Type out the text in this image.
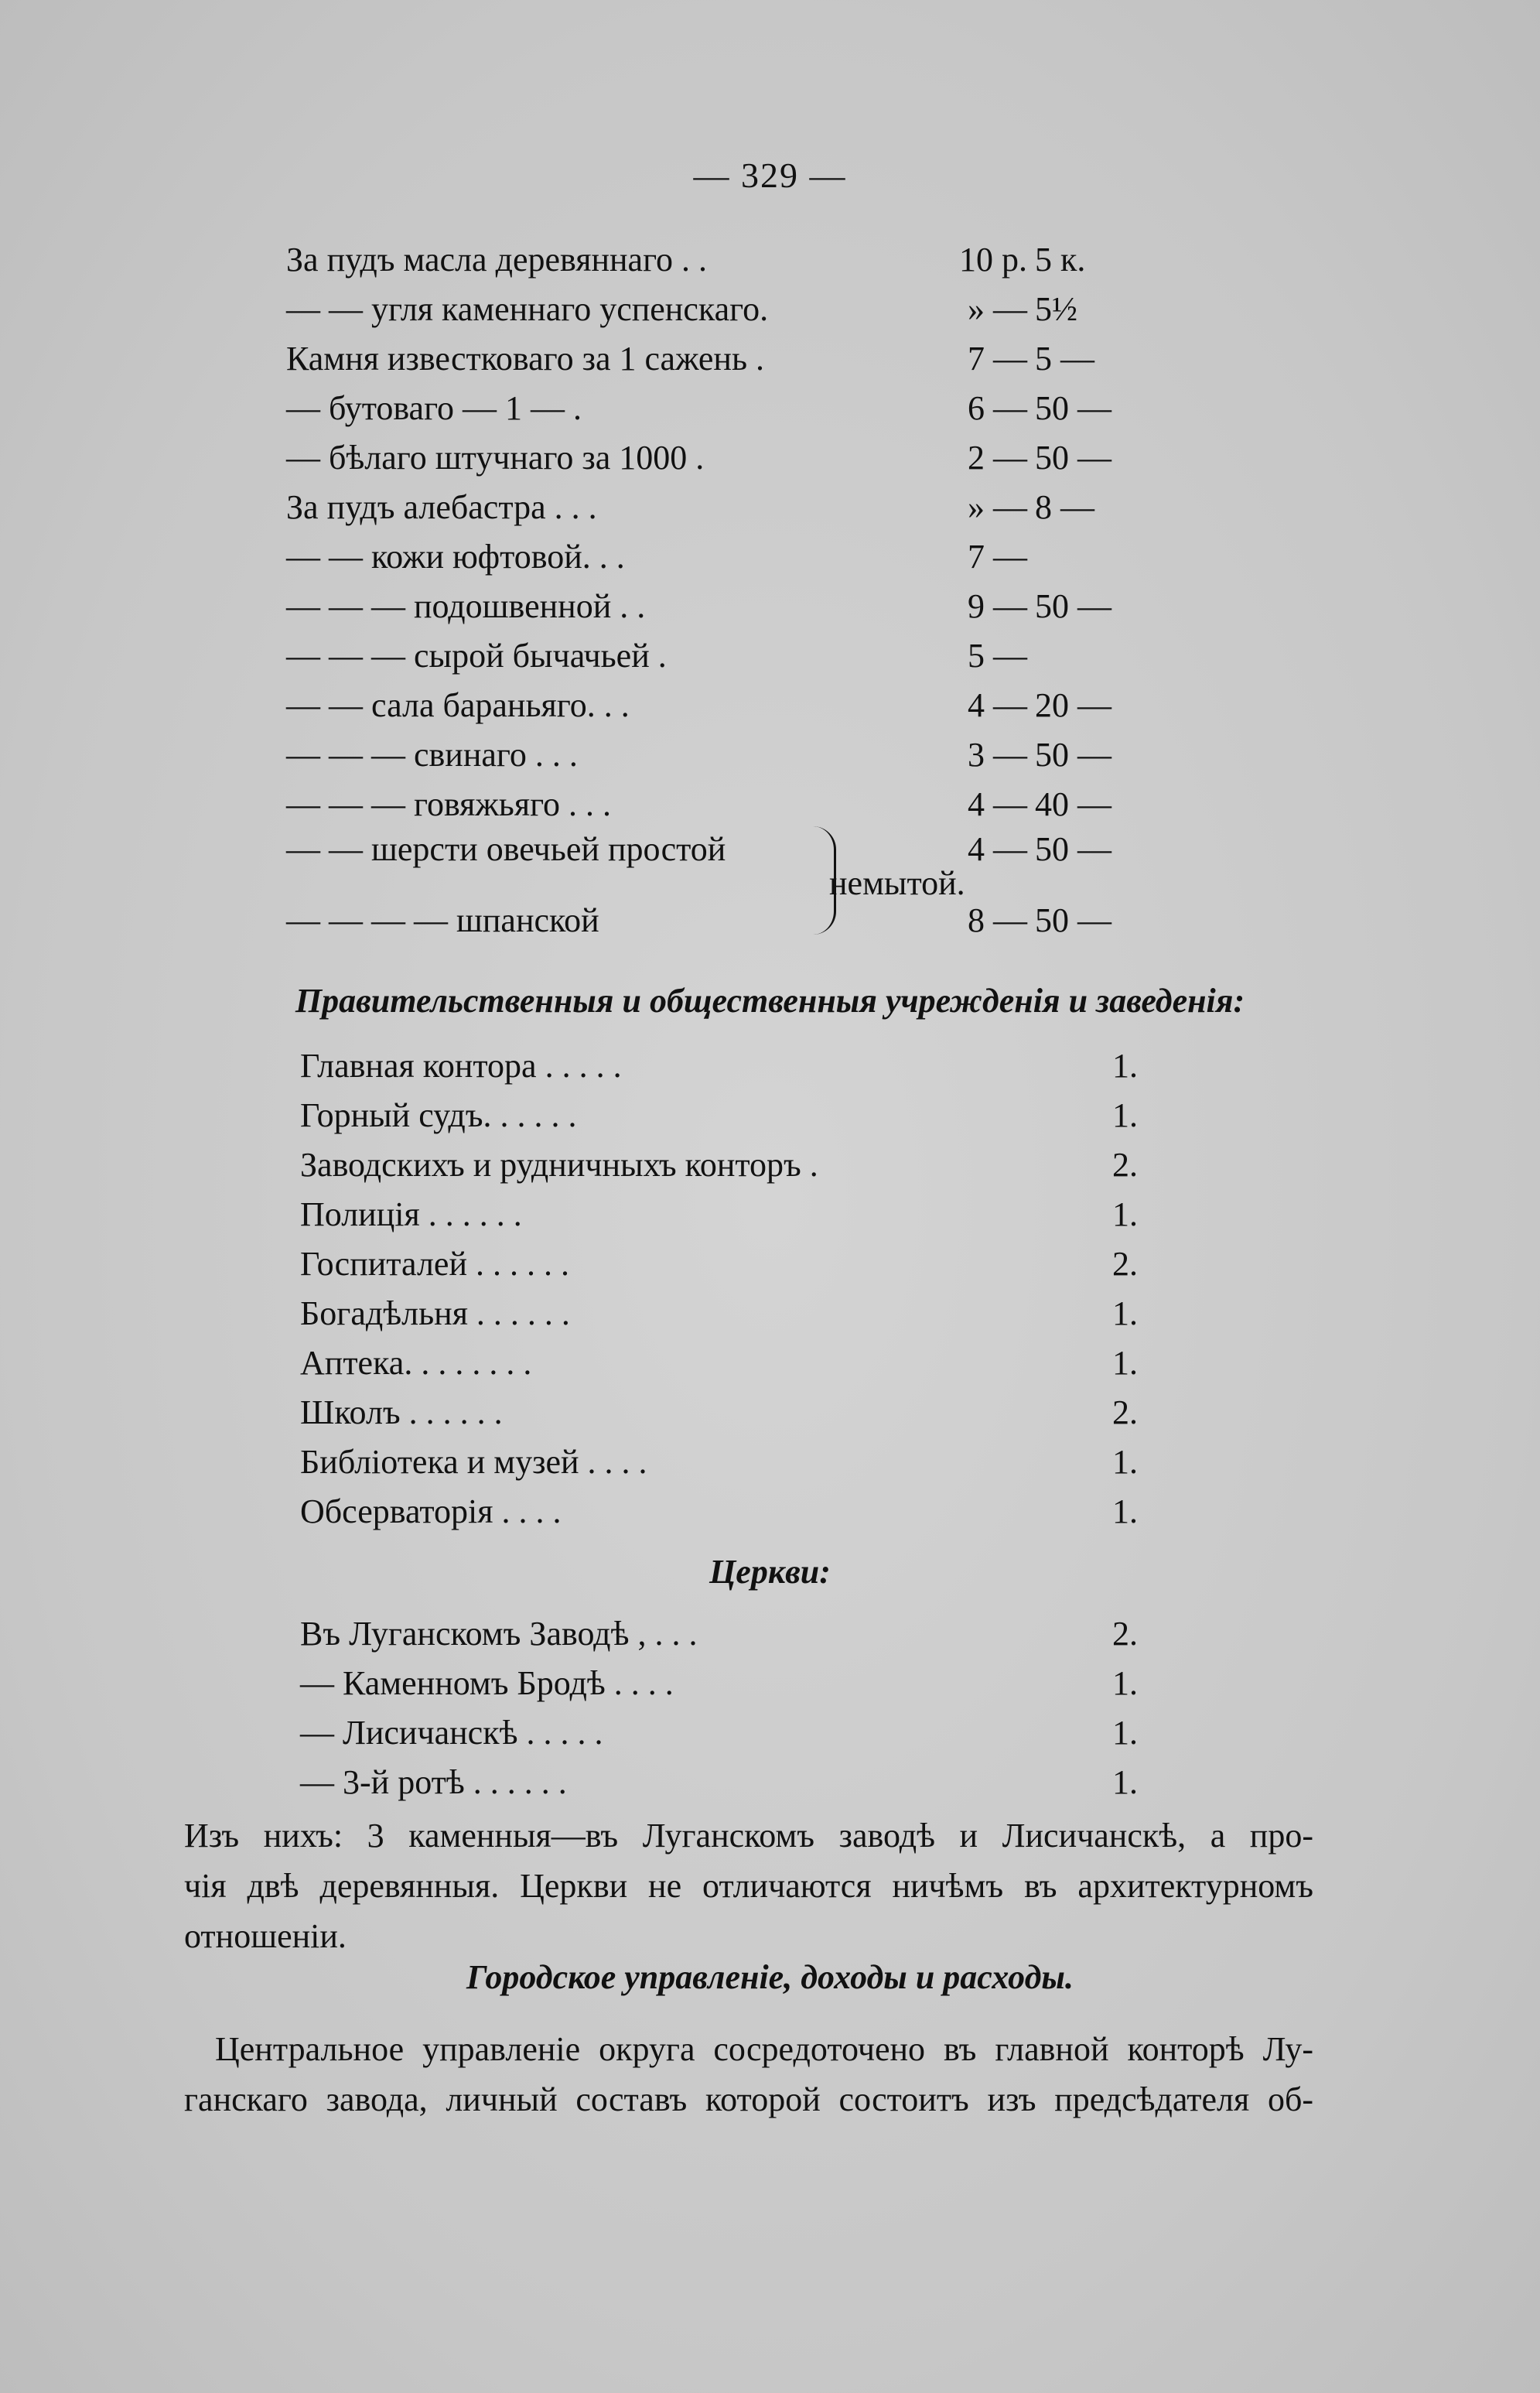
— 329 —
За пудъ масла деревяннаго . .	10 р. 5 к.
— — угля каменнаго успенскаго.	» — 5½
Камня известковаго за 1 сажень .	7 — 5 —
— бутоваго — 1 — .	6 — 50 —
— бѣлаго штучнаго за 1000 .	2 — 50 —
За пудъ алебастра . . .	» — 8 —
— — кожи юфтовой. . .	7 —
— — — подошвенной . .	9 — 50 —
— — — сырой бычачьей .	5 —
— — сала бараньяго. . .	4 — 20 —
— — — свинаго . . .	3 — 50 —
— — — говяжьяго . . .	4 — 40 —
— — шерсти овечьей простой	4 — 50 —
— — — — шпанской	8 — 50 —
немытой.
Правительственныя и общественныя учрежденія и заведенія:
Главная контора . . . . .	1.
Горный судъ. . . . . .	1.
Заводскихъ и рудничныхъ конторъ .	2.
Полиція . . . . . .	1.
Госпиталей . . . . . .	2.
Богадѣльня . . . . . .	1.
Аптека. . . . . . . .	1.
Школъ . . . . . .	2.
Библіотека и музей . . . .	1.
Обсерваторія . . . .	1.
Церкви:
Въ Луганскомъ Заводѣ , . . .	2.
— Каменномъ Бродѣ . . . .	1.
— Лисичанскѣ . . . . .	1.
— 3-й ротѣ . . . . . .	1.
Изъ нихъ: 3 каменныя—въ Луганскомъ заводѣ и Лисичанскѣ, а про-
чія двѣ деревянныя. Церкви не отличаются ничѣмъ въ архитектурномъ
отношеніи.
Городское управленіе, доходы и расходы.
Центральное управленіе округа сосредоточено въ главной конторѣ Лу-
ганскаго завода, личный составъ которой состоитъ изъ предсѣдателя об-
